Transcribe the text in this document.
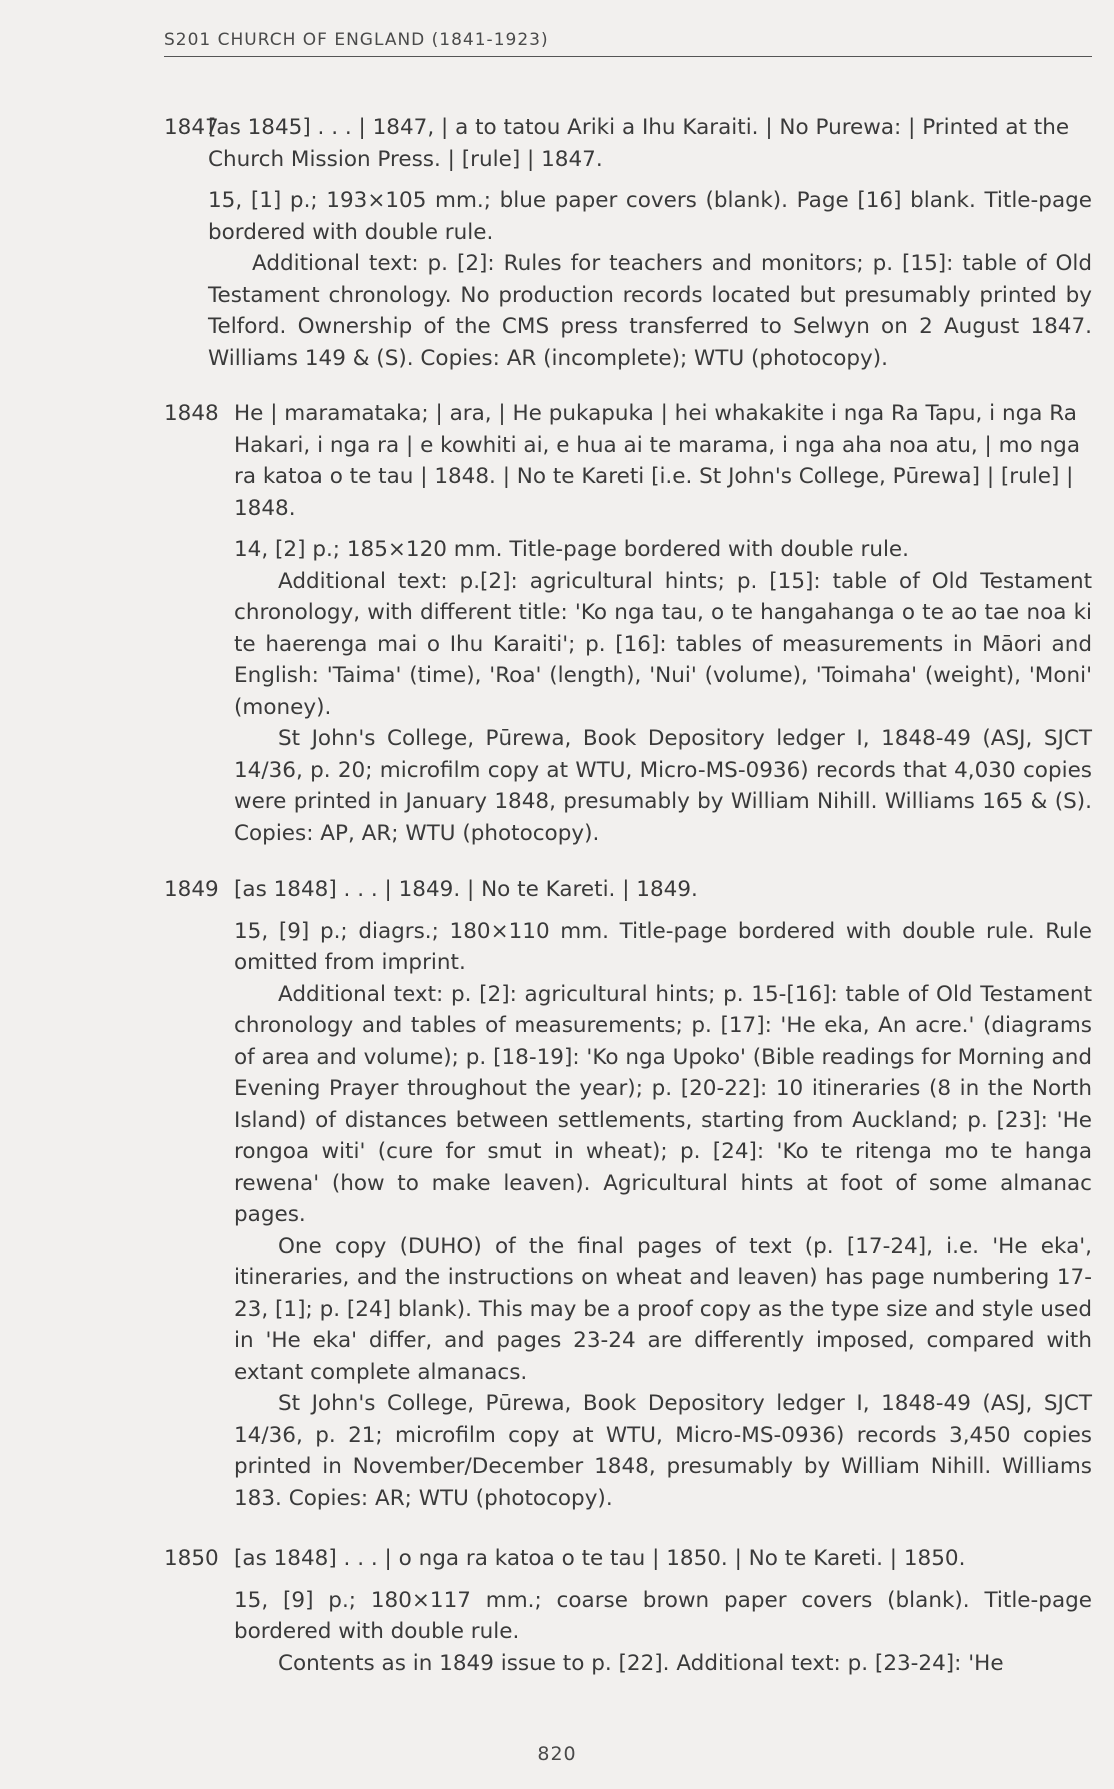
S201 CHURCH OF ENGLAND (1841-1923)
1847
[as 1845] . . . | 1847, | a to tatou Ariki a Ihu Karaiti. | No Purewa: | Printed at the Church Mission Press. | [rule] | 1847.

15, [1] p.; 193×105 mm.; blue paper covers (blank). Page [16] blank. Title-page bordered with double rule.

Additional text: p. [2]: Rules for teachers and monitors; p. [15]: table of Old Testament chronology. No production records located but presumably printed by Telford. Ownership of the CMS press transferred to Selwyn on 2 August 1847. Williams 149 & (S). Copies: AR (incomplete); WTU (photocopy).

1848 He | maramataka; | ara, | He pukapuka | hei whakakite i nga Ra Tapu, i nga Ra Hakari, i nga ra | e kowhiti ai, e hua ai te marama, i nga aha noa atu, | mo nga ra katoa o te tau | 1848. | No te Kareti [i.e. St John's College, Pūrewa] | [rule] | 1848.

14, [2] p.; 185×120 mm. Title-page bordered with double rule.

Additional text: p.[2]: agricultural hints; p. [15]: table of Old Testament chronology, with different title: 'Ko nga tau, o te hangahanga o te ao tae noa ki te haerenga mai o Ihu Karaiti'; p. [16]: tables of measurements in Māori and English: 'Taima' (time), 'Roa' (length), 'Nui' (volume), 'Toimaha' (weight), 'Moni' (money).

St John's College, Pūrewa, Book Depository ledger I, 1848-49 (ASJ, SJCT 14/36, p. 20; microfilm copy at WTU, Micro-MS-0936) records that 4,030 copies were printed in January 1848, presumably by William Nihill. Williams 165 & (S). Copies: AP, AR; WTU (photocopy).

1849 [as 1848] . . . | 1849. | No te Kareti. | 1849.

15, [9] p.; diagrs.; 180×110 mm. Title-page bordered with double rule. Rule omitted from imprint.

Additional text: p. [2]: agricultural hints; p. 15-[16]: table of Old Testament chronology and tables of measurements; p. [17]: 'He eka, An acre.' (diagrams of area and volume); p. [18-19]: 'Ko nga Upoko' (Bible readings for Morning and Evening Prayer throughout the year); p. [20-22]: 10 itineraries (8 in the North Island) of distances between settlements, starting from Auckland; p. [23]: 'He rongoa witi' (cure for smut in wheat); p. [24]: 'Ko te ritenga mo te hanga rewena' (how to make leaven). Agricultural hints at foot of some almanac pages.

One copy (DUHO) of the final pages of text (p. [17-24], i.e. 'He eka', itineraries, and the instructions on wheat and leaven) has page numbering 17-23, [1]; p. [24] blank). This may be a proof copy as the type size and style used in 'He eka' differ, and pages 23-24 are differently imposed, compared with extant complete almanacs.

St John's College, Pūrewa, Book Depository ledger I, 1848-49 (ASJ, SJCT 14/36, p. 21; microfilm copy at WTU, Micro-MS-0936) records 3,450 copies printed in November/December 1848, presumably by William Nihill. Williams 183. Copies: AR; WTU (photocopy).

1850 [as 1848] . . . | o nga ra katoa o te tau | 1850. | No te Kareti. | 1850.

15, [9] p.; 180×117 mm.; coarse brown paper covers (blank). Title-page bordered with double rule.

Contents as in 1849 issue to p. [22]. Additional text: p. [23-24]: 'He

820
